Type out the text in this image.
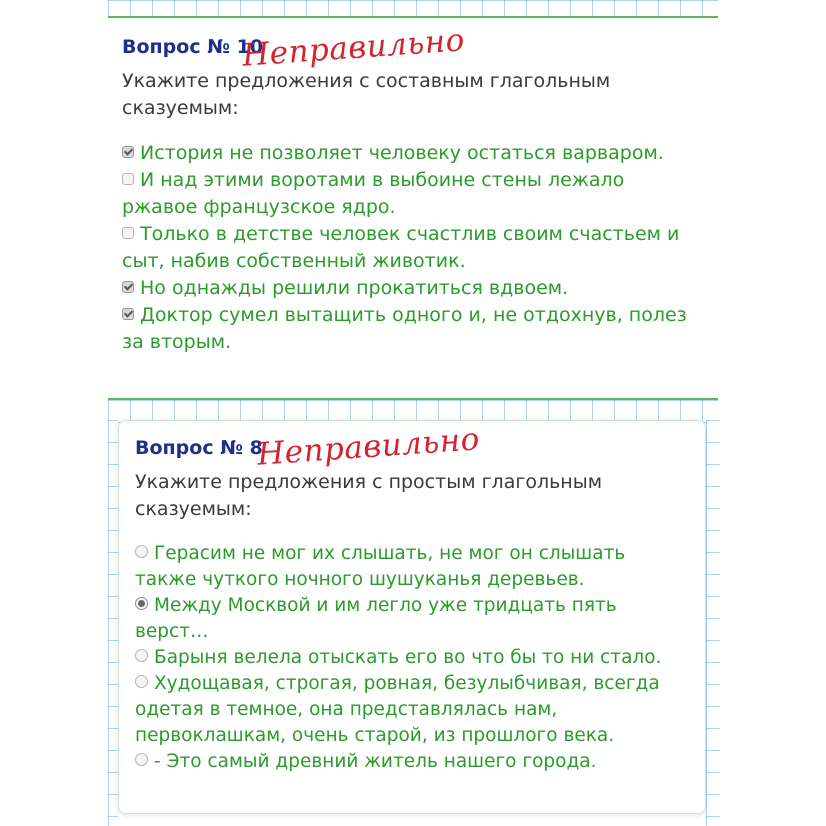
Вопрос № 10
Неправильно
Укажите предложения с составным глагольным сказуемым:
История не позволяет человеку остаться варваром.
И над этими воротами в выбоине стены лежало ржавое французское ядро.
Только в детстве человек счастлив своим счастьем и сыт, набив собственный животик.
Но однажды решили прокатиться вдвоем.
Доктор сумел вытащить одного и, не отдохнув, полез за вторым.
Вопрос № 8
Неправильно
Укажите предложения с простым глагольным сказуемым:
Герасим не мог их слышать, не мог он слышать также чуткого ночного шушуканья деревьев.
Между Москвой и им легло уже тридцать пять верст…
Барыня велела отыскать его во что бы то ни стало.
Худощавая, строгая, ровная, безулыбчивая, всегда одетая в темное, она представлялась нам, первоклашкам, очень старой, из прошлого века.
- Это самый древний житель нашего города.
